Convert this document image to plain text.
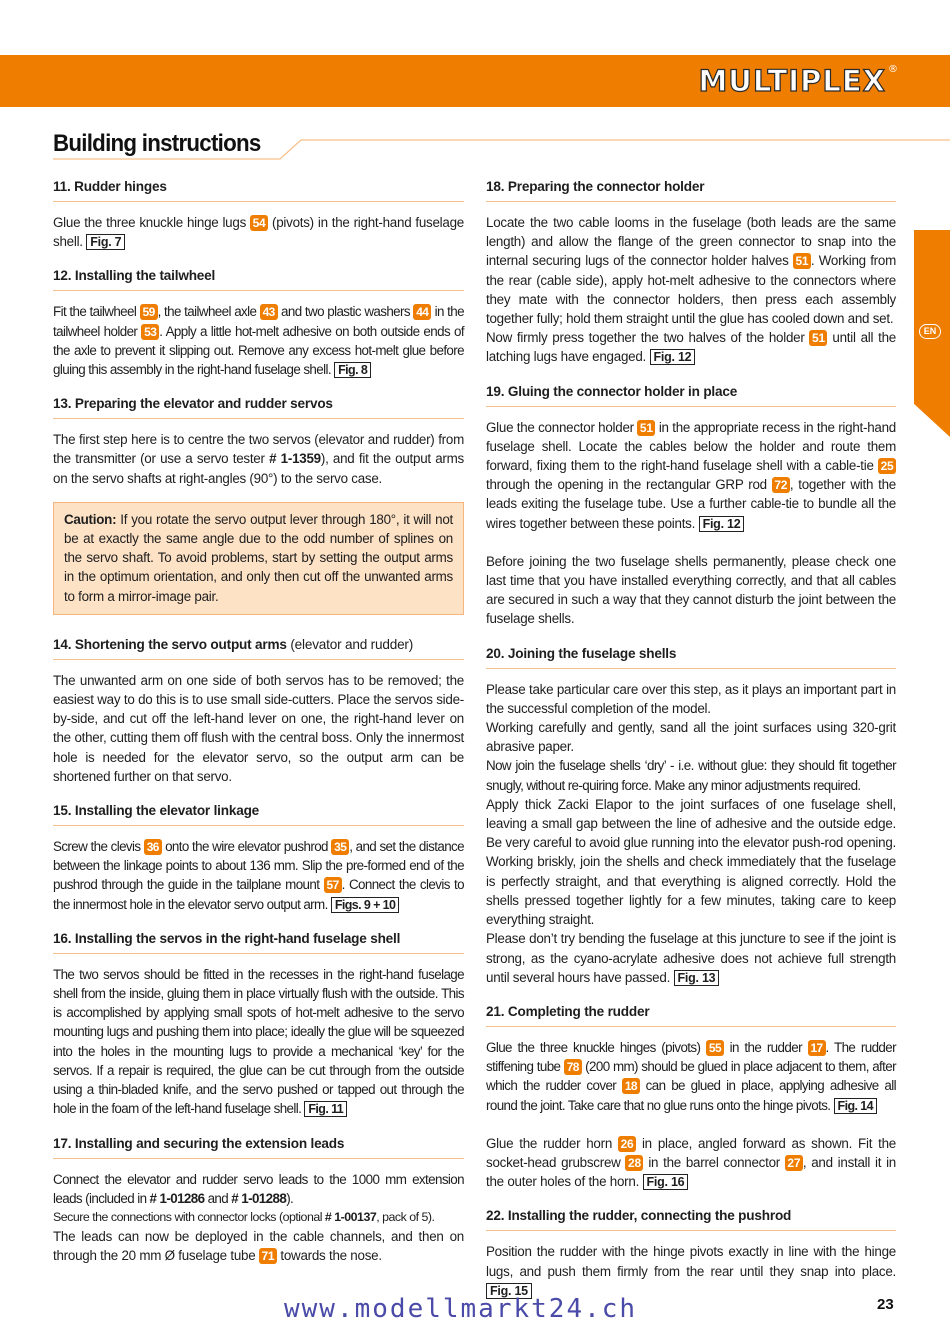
MULTIPLEX ®
Building instructions
EN
11. Rudder hinges
Glue the three knuckle hinge lugs 54 (pivots) in the right-hand fuselage shell. Fig. 7
12. Installing the tailwheel
Fit the tailwheel 59 , the tailwheel axle 43 and two plastic washers 44 in the tailwheel holder 53 . Apply a little hot-melt adhesive on both outside ends of the axle to prevent it slipping out. Remove any excess hot-melt glue before gluing this assembly in the right-hand fuselage shell. Fig. 8
13. Preparing the elevator and rudder servos
The first step here is to centre the two servos (elevator and rudder) from the transmitter (or use a servo tester # 1-1359), and fit the output arms on the servo shafts at right-angles (90°) to the servo case.
Caution: If you rotate the servo output lever through 180°, it will not be at exactly the same angle due to the odd number of splines on the servo shaft. To avoid problems, start by setting the output arms in the optimum orientation, and only then cut off the unwanted arms to form a mirror-image pair.
14. Shortening the servo output arms (elevator and rudder)
The unwanted arm on one side of both servos has to be removed; the easiest way to do this is to use small side-cutters. Place the servos side-by-side, and cut off the left-hand lever on one, the right-hand lever on the other, cutting them off flush with the central boss. Only the innermost hole is needed for the elevator servo, so the output arm can be shortened further on that servo.
15. Installing the elevator linkage
Screw the clevis 36 onto the wire elevator pushrod 35 , and set the distance between the linkage points to about 136 mm. Slip the pre-formed end of the pushrod through the guide in the tailplane mount 57 . Connect the clevis to the innermost hole in the elevator servo output arm. Figs. 9 + 10
16. Installing the servos in the right-hand fuselage shell
The two servos should be fitted in the recesses in the right-hand fuselage shell from the inside, gluing them in place virtually flush with the outside. This is accomplished by applying small spots of hot-melt adhesive to the servo mounting lugs and pushing them into place; ideally the glue will be squeezed into the holes in the mounting lugs to provide a mechanical ‘key’ for the servos. If a repair is required, the glue can be cut through from the outside using a thin-bladed knife, and the servo pushed or tapped out through the hole in the foam of the left-hand fuselage shell. Fig. 11
17. Installing and securing the extension leads
Connect the elevator and rudder servo leads to the 1000 mm extension leads (included in # 1-01286 and # 1-01288).
Secure the connections with connector locks (optional # 1-00137, pack of 5).
The leads can now be deployed in the cable channels, and then on through the 20 mm Ø fuselage tube 71 towards the nose.
18. Preparing the connector holder
Locate the two cable looms in the fuselage (both leads are the same length) and allow the flange of the green connector to snap into the internal securing lugs of the connector holder halves 51 . Working from the rear (cable side), apply hot-melt adhesive to the connectors where they mate with the connector holders, then press each assembly together fully; hold them straight until the glue has cooled down and set.
Now firmly press together the two halves of the holder 51 until all the latching lugs have engaged. Fig. 12
19. Gluing the connector holder in place
Glue the connector holder 51 in the appropriate recess in the right-hand fuselage shell. Locate the cables below the holder and route them forward, fixing them to the right-hand fuselage shell with a cable-tie 25 through the opening in the rectangular GRP rod 72 , together with the leads exiting the fuselage tube. Use a further cable-tie to bundle all the wires together between these points. Fig. 12
Before joining the two fuselage shells permanently, please check one last time that you have installed everything correctly, and that all cables are secured in such a way that they cannot disturb the joint between the fuselage shells.
20. Joining the fuselage shells
Please take particular care over this step, as it plays an important part in the successful completion of the model.
Working carefully and gently, sand all the joint surfaces using 320-grit abrasive paper.
Now join the fuselage shells ‘dry’ - i.e. without glue: they should fit together snugly, without re-quiring force. Make any minor adjustments required.
Apply thick Zacki Elapor to the joint surfaces of one fuselage shell, leaving a small gap between the line of adhesive and the outside edge. Be very careful to avoid glue running into the elevator push-rod opening. Working briskly, join the shells and check immediately that the fuselage is perfectly straight, and that everything is aligned correctly. Hold the shells pressed together lightly for a few minutes, taking care to keep everything straight.
Please don’t try bending the fuselage at this juncture to see if the joint is strong, as the cyano-acrylate adhesive does not achieve full strength until several hours have passed. Fig. 13
21. Completing the rudder
Glue the three knuckle hinges (pivots) 55 in the rudder 17 . The rudder stiffening tube 78 (200 mm) should be glued in place adjacent to them, after which the rudder cover 18 can be glued in place, applying adhesive all round the joint. Take care that no glue runs onto the hinge pivots. Fig. 14
Glue the rudder horn 26 in place, angled forward as shown. Fit the socket-head grubscrew 28 in the barrel connector 27 , and install it in the outer holes of the horn. Fig. 16
22. Installing the rudder, connecting the pushrod
Position the rudder with the hinge pivots exactly in line with the hinge lugs, and push them firmly from the rear until they snap into place. Fig. 15
www.modellmarkt24.ch	23
